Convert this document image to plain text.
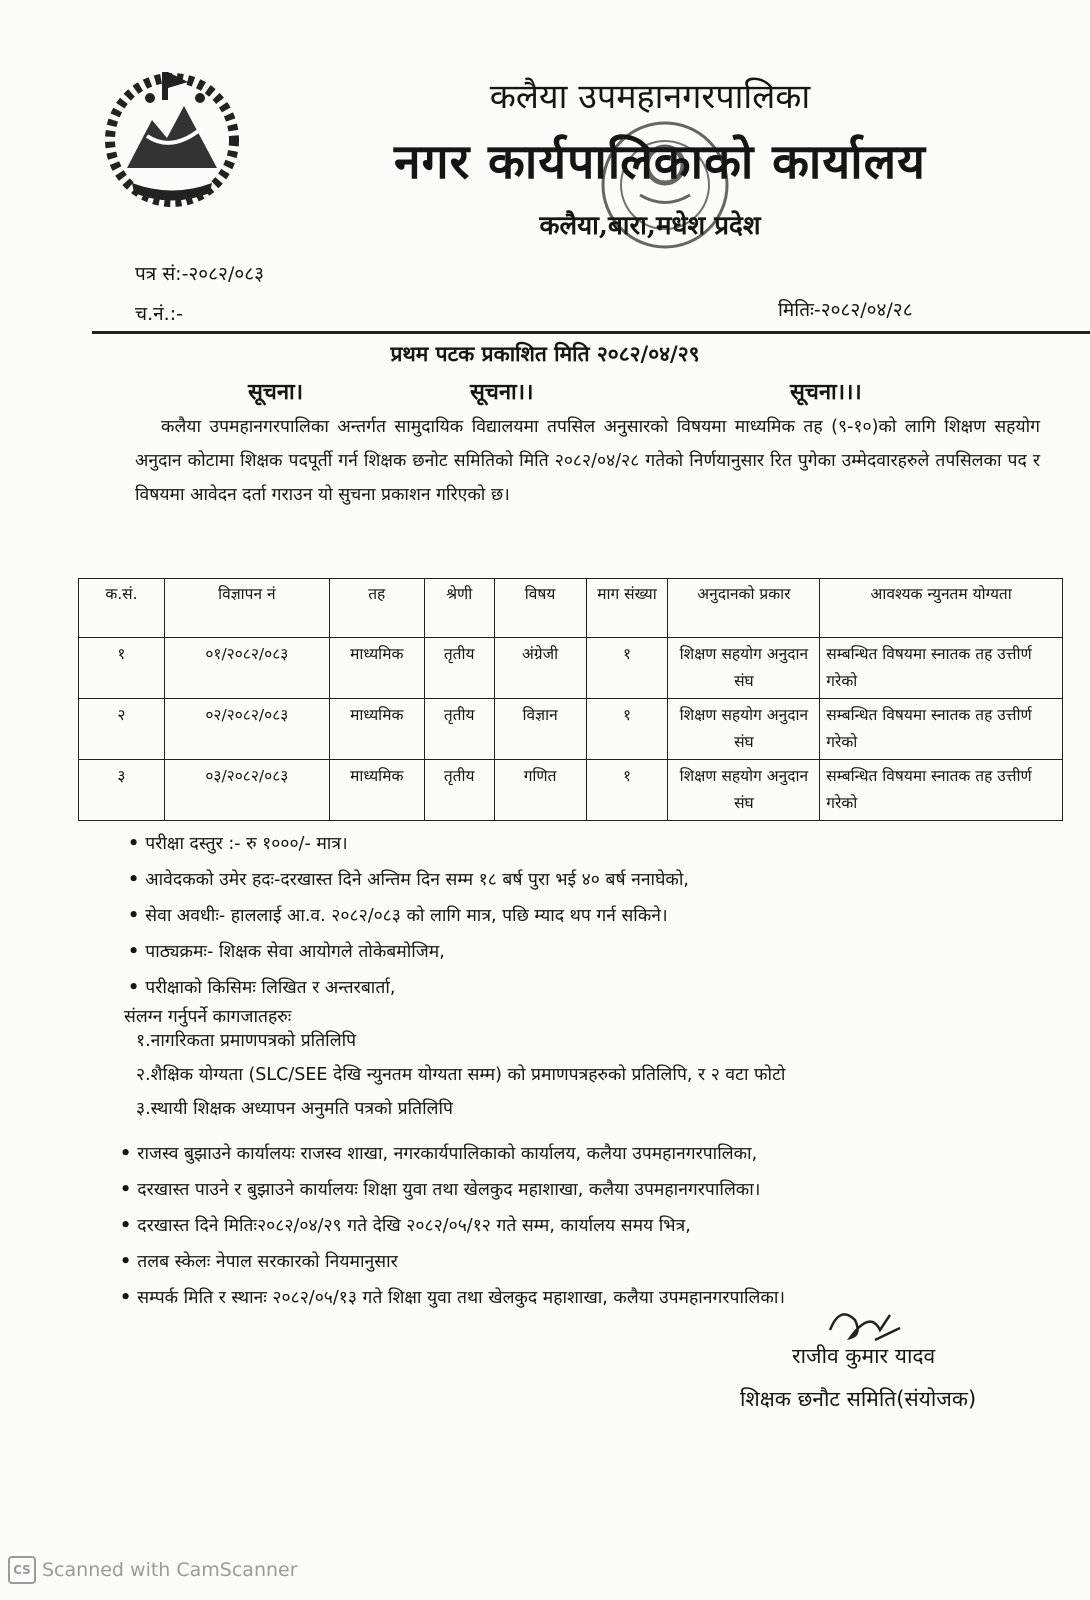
कलैया उपमहानगरपालिका
नगर कार्यपालिकाको कार्यालय
कलैया,बारा,मधेश प्रदेश
पत्र सं:-२०८२/०८३
च.नं.:-	मितिः-२०८२/०४/२८
प्रथम पटक प्रकाशित मिति २०८२/०४/२९
सूचना।	सूचना।।	सूचना।।।
कलैया उपमहानगरपालिका अन्तर्गत सामुदायिक विद्यालयमा तपसिल अनुसारको विषयमा माध्यमिक तह (९-१०)को लागि शिक्षण सहयोग अनुदान कोटामा शिक्षक पदपूर्ती गर्न शिक्षक छनोट समितिको मिति २०८२/०४/२८ गतेको निर्णयानुसार रित पुगेका उम्मेदवारहरुले तपसिलका पद र विषयमा आवेदन दर्ता गराउन यो सुचना प्रकाशन गरिएको छ।
क.सं.	विज्ञापन नं	तह	श्रेणी	विषय	माग संख्या	अनुदानको प्रकार	आवश्यक न्युनतम योग्यता
१	०१/२०८२/०८३	माध्यमिक	तृतीय	अंग्रेजी	१	शिक्षण सहयोग अनुदान संघ	सम्बन्धित विषयमा स्नातक तह उत्तीर्ण गरेको
२	०२/२०८२/०८३	माध्यमिक	तृतीय	विज्ञान	१	शिक्षण सहयोग अनुदान संघ	सम्बन्धित विषयमा स्नातक तह उत्तीर्ण गरेको
३	०३/२०८२/०८३	माध्यमिक	तृतीय	गणित	१	शिक्षण सहयोग अनुदान संघ	सम्बन्धित विषयमा स्नातक तह उत्तीर्ण गरेको
• परीक्षा दस्तुर :- रु १०००/- मात्र।
• आवेदकको उमेर हदः-दरखास्त दिने अन्तिम दिन सम्म १८ बर्ष पुरा भई ४० बर्ष ननाघेको,
• सेवा अवधीः- हाललाई आ.व. २०८२/०८३ को लागि मात्र, पछि म्याद थप गर्न सकिने।
• पाठ्यक्रमः- शिक्षक सेवा आयोगले तोकेबमोजिम,
• परीक्षाको किसिमः लिखित र अन्तरबार्ता,
संलग्न गर्नुपर्ने कागजातहरुः
१.नागरिकता प्रमाणपत्रको प्रतिलिपि
२.शैक्षिक योग्यता (SLC/SEE देखि न्युनतम योग्यता सम्म) को प्रमाणपत्रहरुको प्रतिलिपि, र २ वटा फोटो
३.स्थायी शिक्षक अध्यापन अनुमति पत्रको प्रतिलिपि
• राजस्व बुझाउने कार्यालयः राजस्व शाखा, नगरकार्यपालिकाको कार्यालय, कलैया उपमहानगरपालिका,
• दरखास्त पाउने र बुझाउने कार्यालयः शिक्षा युवा तथा खेलकुद महाशाखा, कलैया उपमहानगरपालिका।
• दरखास्त दिने मितिः२०८२/०४/२९ गते देखि २०८२/०५/१२ गते सम्म, कार्यालय समय भित्र,
• तलब स्केलः नेपाल सरकारको नियमानुसार
• सम्पर्क मिति र स्थानः २०८२/०५/१३ गते शिक्षा युवा तथा खेलकुद महाशाखा, कलैया उपमहानगरपालिका।
राजीव कुमार यादव
शिक्षक छनौट समिति(संयोजक)
CS Scanned with CamScanner
